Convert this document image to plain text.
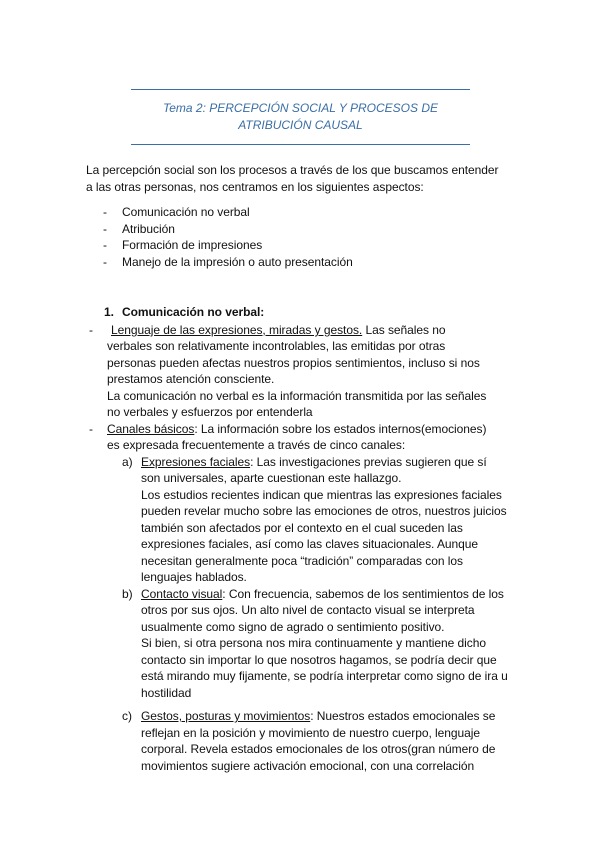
Tema 2: PERCEPCIÓN SOCIAL Y PROCESOS DE
ATRIBUCIÓN CAUSAL
La percepción social son los procesos a través de los que buscamos entender
a las otras personas, nos centramos en los siguientes aspectos:
- Comunicación no verbal
- Atribución
- Formación de impresiones
- Manejo de la impresión o auto presentación
1. Comunicación no verbal:
-	Lenguaje de las expresiones, miradas y gestos. Las señales no
verbales son relativamente incontrolables, las emitidas por otras
personas pueden afectas nuestros propios sentimientos, incluso si nos
prestamos atención consciente.
La comunicación no verbal es la información transmitida por las señales
no verbales y esfuerzos por entenderla
- Canales básicos: La información sobre los estados internos(emociones)
es expresada frecuentemente a través de cinco canales:
a) Expresiones faciales: Las investigaciones previas sugieren que sí
son universales, aparte cuestionan este hallazgo.
Los estudios recientes indican que mientras las expresiones faciales
pueden revelar mucho sobre las emociones de otros, nuestros juicios
también son afectados por el contexto en el cual suceden las
expresiones faciales, así como las claves situacionales. Aunque
necesitan generalmente poca “tradición” comparadas con los
lenguajes hablados.
b) Contacto visual: Con frecuencia, sabemos de los sentimientos de los
otros por sus ojos. Un alto nivel de contacto visual se interpreta
usualmente como signo de agrado o sentimiento positivo.
Si bien, si otra persona nos mira continuamente y mantiene dicho
contacto sin importar lo que nosotros hagamos, se podría decir que
está mirando muy fijamente, se podría interpretar como signo de ira u
hostilidad
c) Gestos, posturas y movimientos: Nuestros estados emocionales se
reflejan en la posición y movimiento de nuestro cuerpo, lenguaje
corporal. Revela estados emocionales de los otros(gran número de
movimientos sugiere activación emocional, con una correlación
